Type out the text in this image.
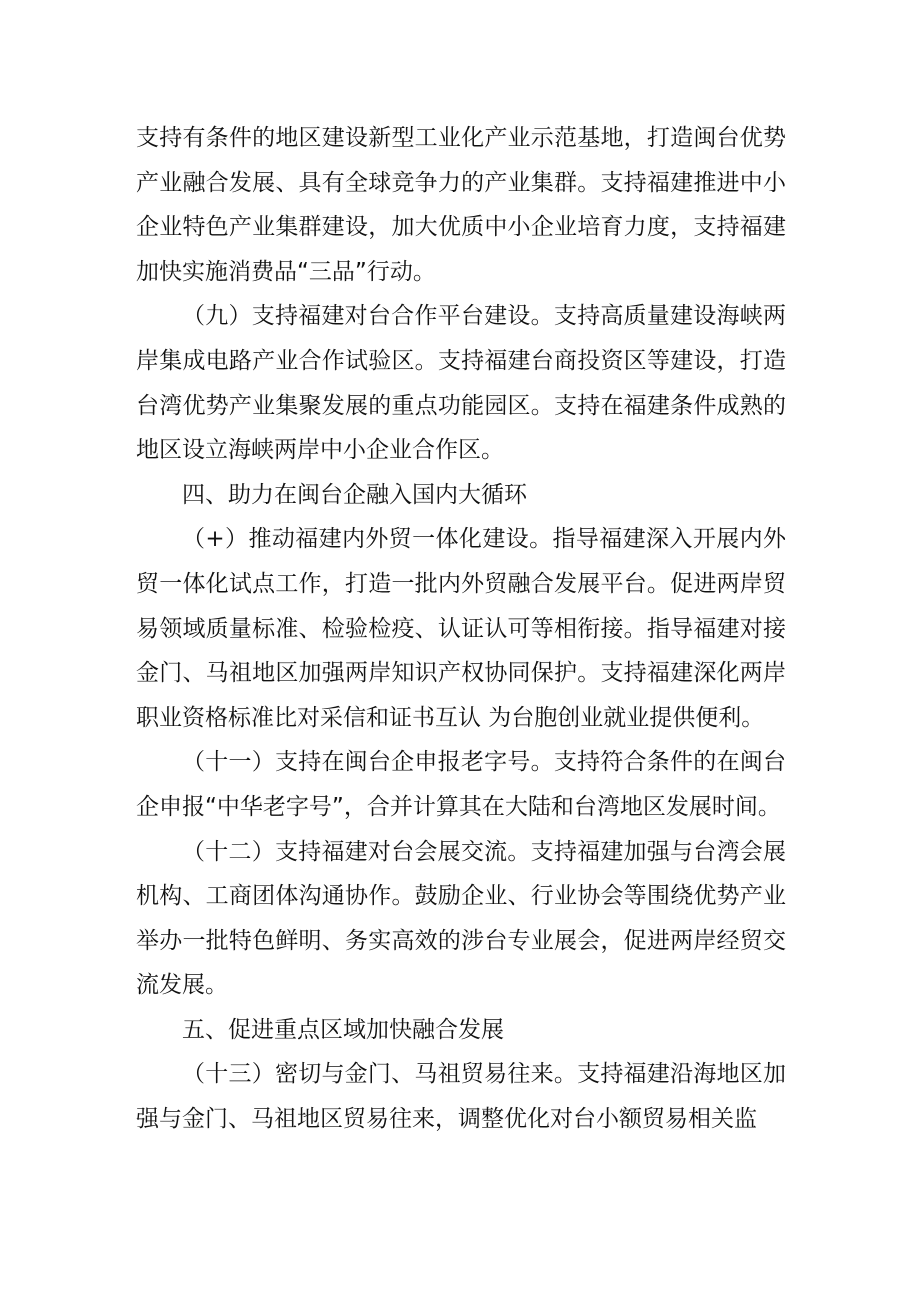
支持有条件的地区建设新型工业化产业示范基地，打造闽台优势产业融合发展、具有全球竞争力的产业集群。支持福建推进中小企业特色产业集群建设，加大优质中小企业培育力度，支持福建加快实施消费品“三品”行动。

（九）支持福建对台合作平台建设。支持高质量建设海峡两岸集成电路产业合作试验区。支持福建台商投资区等建设，打造台湾优势产业集聚发展的重点功能园区。支持在福建条件成熟的地区设立海峡两岸中小企业合作区。

四、助力在闽台企融入国内大循环

（+）推动福建内外贸一体化建设。指导福建深入开展内外贸一体化试点工作，打造一批内外贸融合发展平台。促进两岸贸易领域质量标准、检验检疫、认证认可等相衔接。指导福建对接金门、马祖地区加强两岸知识产权协同保护。支持福建深化两岸职业资格标准比对采信和证书互认 为台胞创业就业提供便利。

（十一）支持在闽台企申报老字号。支持符合条件的在闽台企申报“中华老字号”，合并计算其在大陆和台湾地区发展时间。

（十二）支持福建对台会展交流。支持福建加强与台湾会展机构、工商团体沟通协作。鼓励企业、行业协会等围绕优势产业举办一批特色鲜明、务实高效的涉台专业展会，促进两岸经贸交流发展。

五、促进重点区域加快融合发展

（十三）密切与金门、马祖贸易往来。支持福建沿海地区加强与金门、马祖地区贸易往来，调整优化对台小额贸易相关监
